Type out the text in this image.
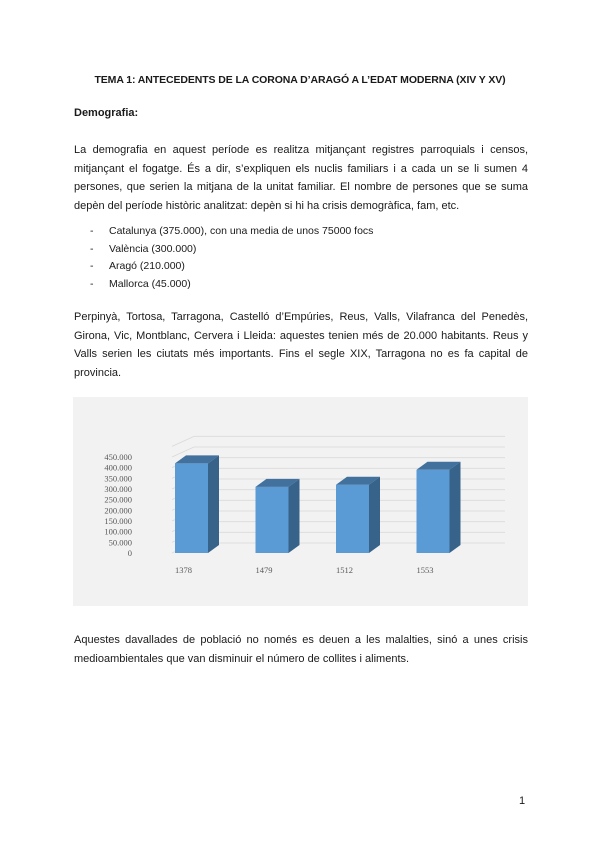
TEMA 1: ANTECEDENTS DE LA CORONA D’ARAGÓ A L’EDAT MODERNA (XIV Y XV)
Demografia:

La demografia en aquest període es realitza mitjançant registres parroquials i censos, mitjançant el fogatge. És a dir, s’expliquen els nuclis familiars i a cada un se li sumen 4 persones, que serien la mitjana de la unitat familiar. El nombre de persones que se suma depèn del període històric analitzat: depèn si hi ha crisis demogràfica, fam, etc.

-	Catalunya (375.000), con una media de unos 75000 focs
-	València (300.000)
-	Aragó (210.000)
-	Mallorca (45.000)

Perpinyà, Tortosa, Tarragona, Castelló d’Empúries, Reus, Valls, Vilafranca del Penedès, Girona, Vic, Montblanc, Cervera i Lleida: aquestes tenien més de 20.000 habitants. Reus y Valls serien les ciutats més importants. Fins el segle XIX, Tarragona no es fa capital de provincia.

0
50.000
100.000
150.000
200.000
250.000
300.000
350.000
400.000
450.000
1378	1479	1512	1553

Aquestes davallades de població no només es deuen a les malalties, sinó a unes crisis medioambientales que van disminuir el número de collites i aliments.

1
